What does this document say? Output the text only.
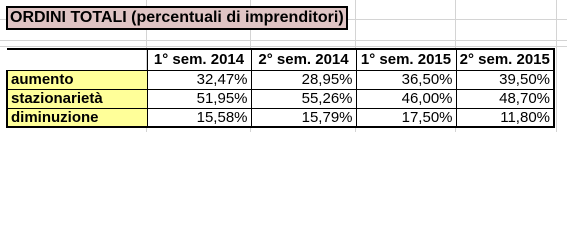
ORDINI TOTALI (percentuali di imprenditori)
	1° sem. 2014	2° sem. 2014	1° sem. 2015	2° sem. 2015
aumento	32,47%	28,95%	36,50%	39,50%
stazionarietà	51,95%	55,26%	46,00%	48,70%
diminuzione	15,58%	15,79%	17,50%	11,80%
